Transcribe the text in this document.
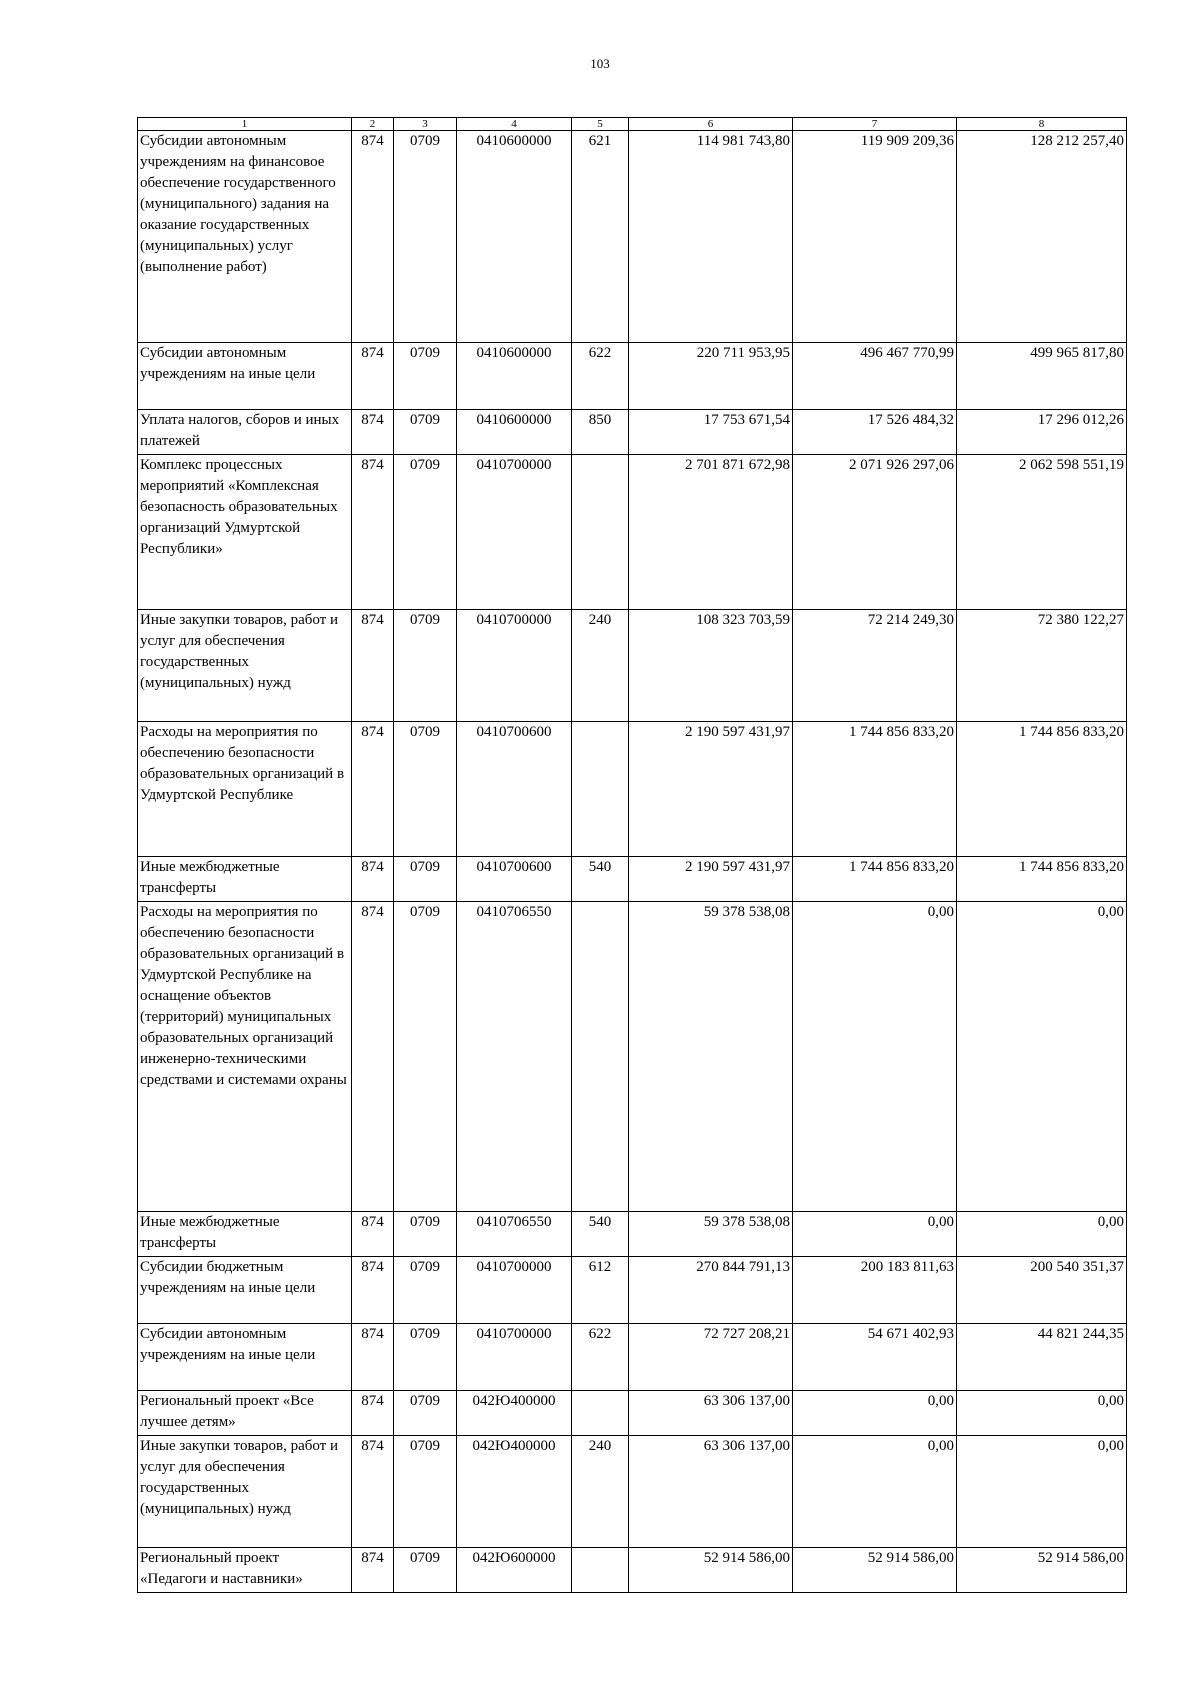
103
1	2	3	4	5	6	7	8
Субсидии автономным учреждениям на финансовое обеспечение государственного (муниципального) задания на оказание государственных (муниципальных) услуг (выполнение работ)	874	0709	0410600000	621	114 981 743,80	119 909 209,36	128 212 257,40
Субсидии автономным учреждениям на иные цели	874	0709	0410600000	622	220 711 953,95	496 467 770,99	499 965 817,80
Уплата налогов, сборов и иных платежей	874	0709	0410600000	850	17 753 671,54	17 526 484,32	17 296 012,26
Комплекс процессных мероприятий «Комплексная безопасность образовательных организаций Удмуртской Республики»	874	0709	0410700000		2 701 871 672,98	2 071 926 297,06	2 062 598 551,19
Иные закупки товаров, работ и услуг для обеспечения государственных (муниципальных) нужд	874	0709	0410700000	240	108 323 703,59	72 214 249,30	72 380 122,27
Расходы на мероприятия по обеспечению безопасности образовательных организаций в Удмуртской Республике	874	0709	0410700600		2 190 597 431,97	1 744 856 833,20	1 744 856 833,20
Иные межбюджетные трансферты	874	0709	0410700600	540	2 190 597 431,97	1 744 856 833,20	1 744 856 833,20
Расходы на мероприятия по обеспечению безопасности образовательных организаций в Удмуртской Республике на оснащение объектов (территорий) муниципальных образовательных организаций инженерно-техническими средствами и системами охраны	874	0709	0410706550		59 378 538,08	0,00	0,00
Иные межбюджетные трансферты	874	0709	0410706550	540	59 378 538,08	0,00	0,00
Субсидии бюджетным учреждениям на иные цели	874	0709	0410700000	612	270 844 791,13	200 183 811,63	200 540 351,37
Субсидии автономным учреждениям на иные цели	874	0709	0410700000	622	72 727 208,21	54 671 402,93	44 821 244,35
Региональный проект «Все лучшее детям»	874	0709	042Ю400000		63 306 137,00	0,00	0,00
Иные закупки товаров, работ и услуг для обеспечения государственных (муниципальных) нужд	874	0709	042Ю400000	240	63 306 137,00	0,00	0,00
Региональный проект «Педагоги и наставники»	874	0709	042Ю600000		52 914 586,00	52 914 586,00	52 914 586,00
